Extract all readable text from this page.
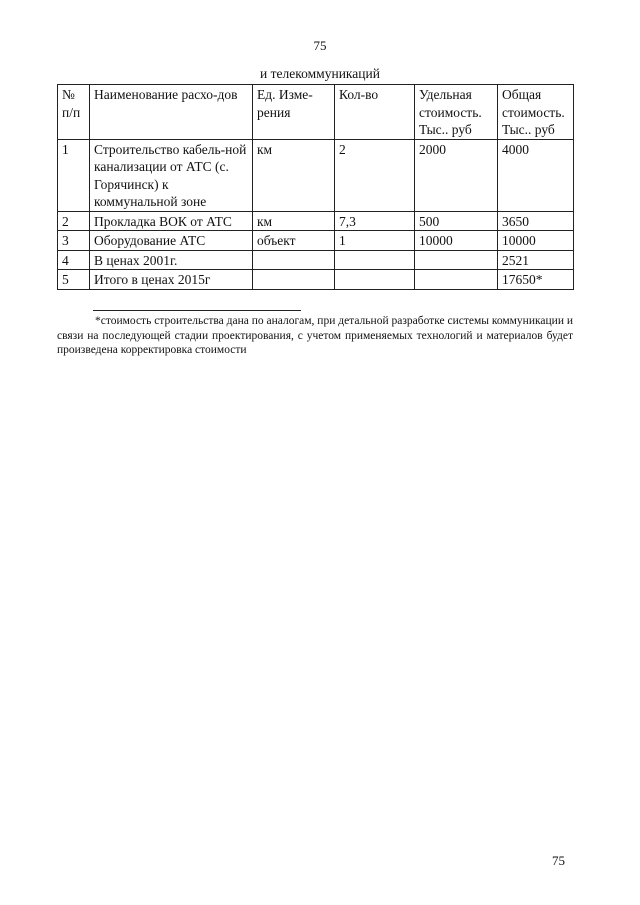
75
и телекоммуникаций
№ п/п	Наименование расхо-дов	Ед. Изме-рения	Кол-во	Удельная стоимость. Тыс.. руб	Общая стоимость. Тыс.. руб
1	Строительство кабель-ной канализации от АТС (с. Горячинск) к коммунальной зоне	км	2	2000	4000
2	Прокладка ВОК от АТС	км	7,3	500	3650
3	Оборудование АТС	объект	1	10000	10000
4	В ценах 2001г.				2521
5	Итого в ценах 2015г				17650*
*стоимость строительства дана по аналогам, при детальной разработке системы коммуникации и связи на последующей стадии проектирования, с учетом применяемых технологий и материалов будет произведена корректировка стоимости
75
